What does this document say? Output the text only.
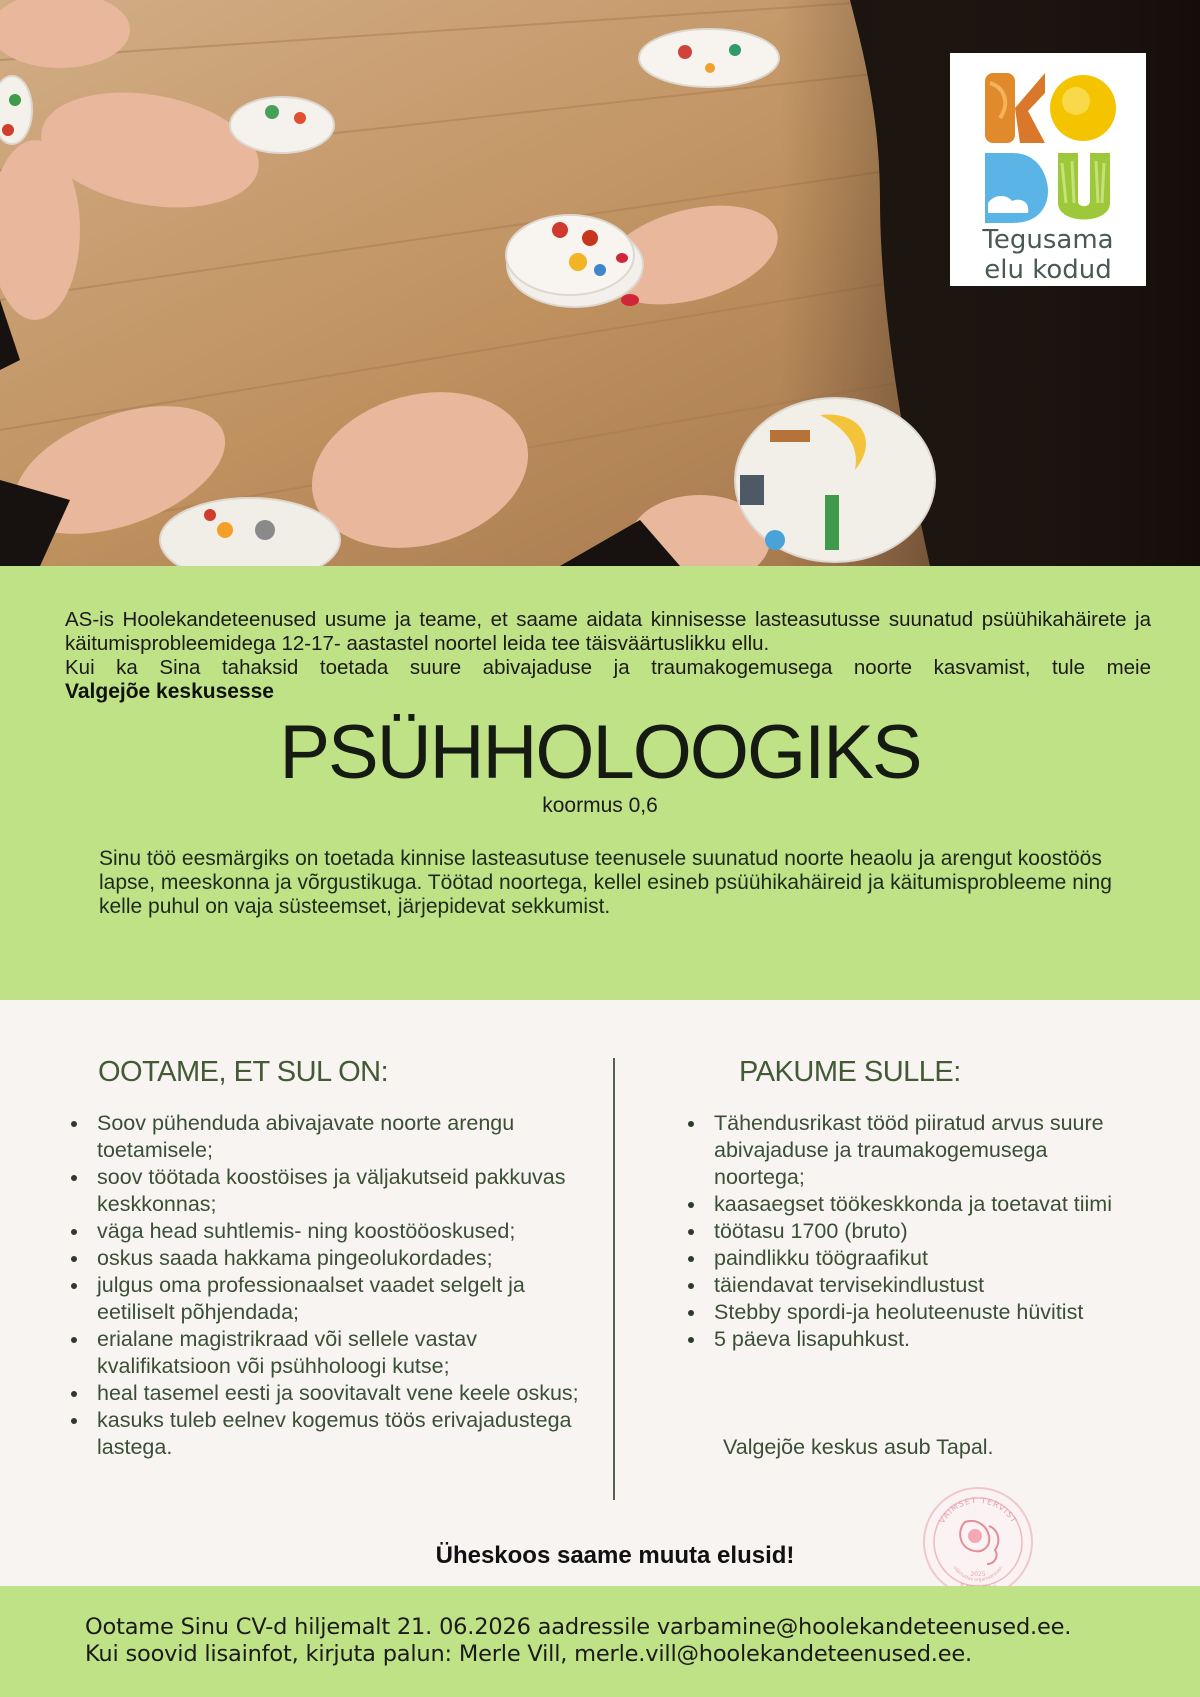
Tegusama
elu kodud

AS-is Hoolekandeteenused usume ja teame, et saame aidata kinnisesse lasteasutusse suunatud psüühikahäirete ja käitumisprobleemidega 12-17- aastastel noortel leida tee täisväärtuslikku ellu.

Kui ka Sina tahaksid toetada suure abivajaduse ja traumakogemusega noorte kasvamist, tule meie

Valgejõe keskusesse
PSÜHHOLOOGIKS
koormus 0,6
Sinu töö eesmärgiks on toetada kinnise lasteasutuse teenusele suunatud noorte heaolu ja arengut koostöös lapse, meeskonna ja võrgustikuga. Töötad noortega, kellel esineb psüühikahäireid ja käitumisprobleeme ning kelle puhul on vaja süsteemset, järjepidevat sekkumist.
OOTAME, ET SUL ON:	PAKUME SULLE:
Soov pühenduda abivajavate noorte arengu toetamisele;
soov töötada koostöises ja väljakutseid pakkuvas keskkonnas;
väga head suhtlemis- ning koostööoskused;
oskus saada hakkama pingeolukordades;
julgus oma professionaalset vaadet selgelt ja eetiliselt põhjendada;
erialane magistrikraad või sellele vastav kvalifikatsioon või psühholoogi kutse;
heal tasemel eesti ja soovitavalt vene keele oskus;
kasuks tuleb eelnev kogemus töös erivajadustega lastega.
Tähendusrikast tööd piiratud arvus suure abivajaduse ja traumakogemusega noortega;
kaasaegset töökeskkonda ja toetavat tiimi
töötasu 1700 (bruto)
paindlikku töögraafikut
täiendavat tervisekindlustust
Stebby spordi-ja heoluteenuste hüvitist
5 päeva lisapuhkust.
Valgejõe keskus asub Tapal.
Üheskoos saame muuta elusid!
VAIMSET TERVIST
väärtustav organisatsioon
2025
Ootame Sinu CV-d hiljemalt 21. 06.2026 aadressile varbamine@hoolekandeteenused.ee.
Kui soovid lisainfot, kirjuta palun: Merle Vill, merle.vill@hoolekandeteenused.ee.
